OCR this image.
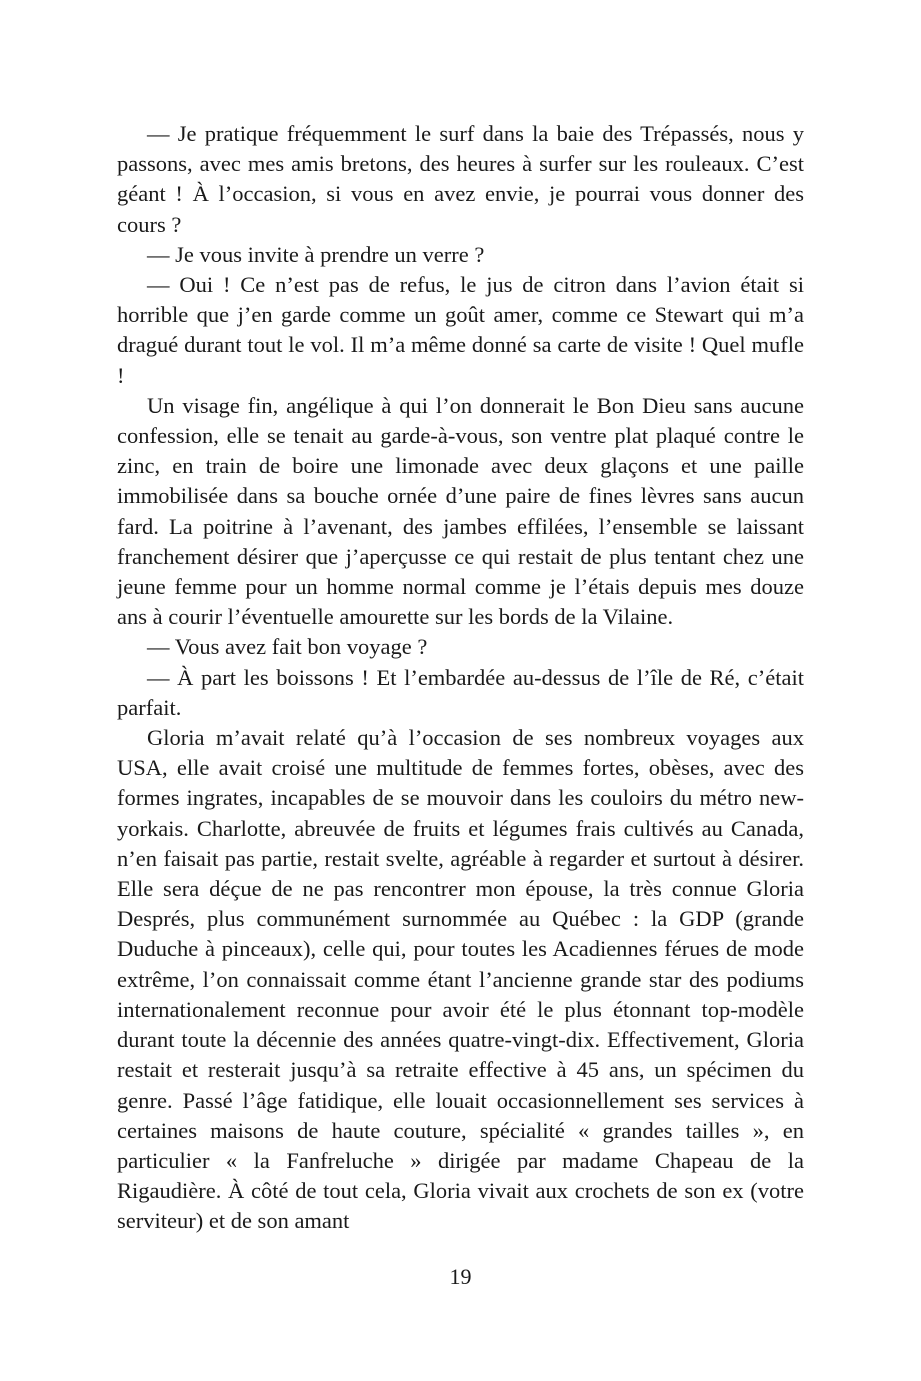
— Je pratique fréquemment le surf dans la baie des Trépassés, nous y passons, avec mes amis bretons, des heures à surfer sur les rouleaux. C’est géant ! À l’occasion, si vous en avez envie, je pourrai vous donner des cours ?

— Je vous invite à prendre un verre ?

— Oui ! Ce n’est pas de refus, le jus de citron dans l’avion était si horrible que j’en garde comme un goût amer, comme ce Stewart qui m’a dragué durant tout le vol. Il m’a même donné sa carte de visite ! Quel mufle !

Un visage fin, angélique à qui l’on donnerait le Bon Dieu sans aucune confession, elle se tenait au garde-à-vous, son ventre plat plaqué contre le zinc, en train de boire une limonade avec deux glaçons et une paille immobilisée dans sa bouche ornée d’une paire de fines lèvres sans aucun fard. La poitrine à l’avenant, des jambes effilées, l’ensemble se laissant franchement désirer que j’aperçusse ce qui restait de plus tentant chez une jeune femme pour un homme normal comme je l’étais depuis mes douze ans à courir l’éventuelle amourette sur les bords de la Vilaine.

— Vous avez fait bon voyage ?

— À part les boissons ! Et l’embardée au-dessus de l’île de Ré, c’était parfait.

Gloria m’avait relaté qu’à l’occasion de ses nombreux voyages aux USA, elle avait croisé une multitude de femmes fortes, obèses, avec des formes ingrates, incapables de se mouvoir dans les couloirs du métro new-yorkais. Charlotte, abreuvée de fruits et légumes frais cultivés au Canada, n’en faisait pas partie, restait svelte, agréable à regarder et surtout à désirer. Elle sera déçue de ne pas rencontrer mon épouse, la très connue Gloria Després, plus communément surnommée au Québec : la GDP (grande Duduche à pinceaux), celle qui, pour toutes les Acadiennes férues de mode extrême, l’on connaissait comme étant l’ancienne grande star des podiums internationalement reconnue pour avoir été le plus étonnant top-modèle durant toute la décennie des années quatre-vingt-dix. Effectivement, Gloria restait et resterait jusqu’à sa retraite effective à 45 ans, un spécimen du genre. Passé l’âge fatidique, elle louait occasionnellement ses services à certaines maisons de haute couture, spécialité « grandes tailles », en particulier « la Fanfreluche » dirigée par madame Chapeau de la Rigaudière. À côté de tout cela, Gloria vivait aux crochets de son ex (votre serviteur) et de son amant

19
